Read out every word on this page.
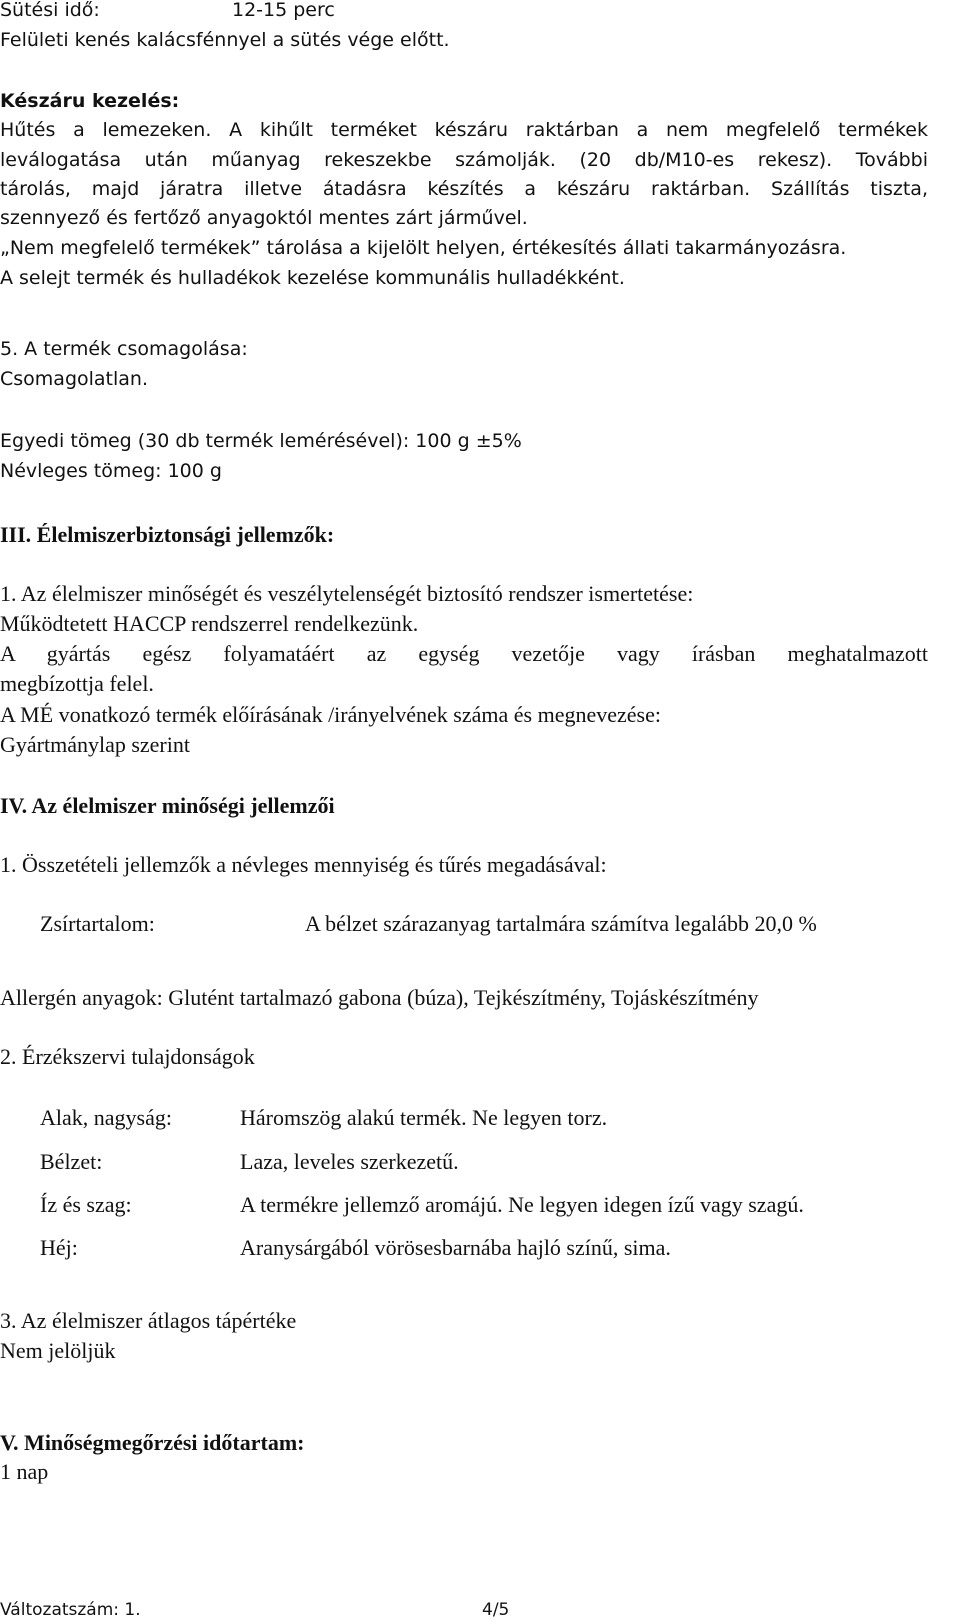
Sütési idő:	12-15 perc
Felületi kenés kalácsfénnyel a sütés vége előtt.
Készáru kezelés:
Hűtés a lemezeken. A kihűlt terméket készáru raktárban a nem megfelelő termékek
leválogatása után műanyag rekeszekbe számolják. (20 db/M10-es rekesz). További
tárolás, majd járatra illetve átadásra készítés a készáru raktárban. Szállítás tiszta,
szennyező és fertőző anyagoktól mentes zárt járművel.
„Nem megfelelő termékek” tárolása a kijelölt helyen, értékesítés állati takarmányozásra.
A selejt termék és hulladékok kezelése kommunális hulladékként.
5. A termék csomagolása:
Csomagolatlan.
Egyedi tömeg (30 db termék lemérésével): 100 g ±5%
Névleges tömeg: 100 g
III. Élelmiszerbiztonsági jellemzők:
1. Az élelmiszer minőségét és veszélytelenségét biztosító rendszer ismertetése:
Működtetett HACCP rendszerrel rendelkezünk.
A gyártás egész folyamatáért az egység vezetője vagy írásban meghatalmazott
megbízottja felel.
A MÉ vonatkozó termék előírásának /irányelvének száma és megnevezése:
Gyártmánylap szerint
IV. Az élelmiszer minőségi jellemzői
1. Összetételi jellemzők a névleges mennyiség és tűrés megadásával:
Zsírtartalom:	A bélzet szárazanyag tartalmára számítva legalább 20,0 %
Allergén anyagok: Glutént tartalmazó gabona (búza), Tejkészítmény, Tojáskészítmény
2. Érzékszervi tulajdonságok
Alak, nagyság:	Háromszög alakú termék. Ne legyen torz.
Bélzet:	Laza, leveles szerkezetű.
Íz és szag:	A termékre jellemző aromájú. Ne legyen idegen ízű vagy szagú.
Héj:	Aranysárgából vörösesbarnába hajló színű, sima.
3. Az élelmiszer átlagos tápértéke
Nem jelöljük
V. Minőségmegőrzési időtartam:
1 nap
Változatszám: 1.	4/5
